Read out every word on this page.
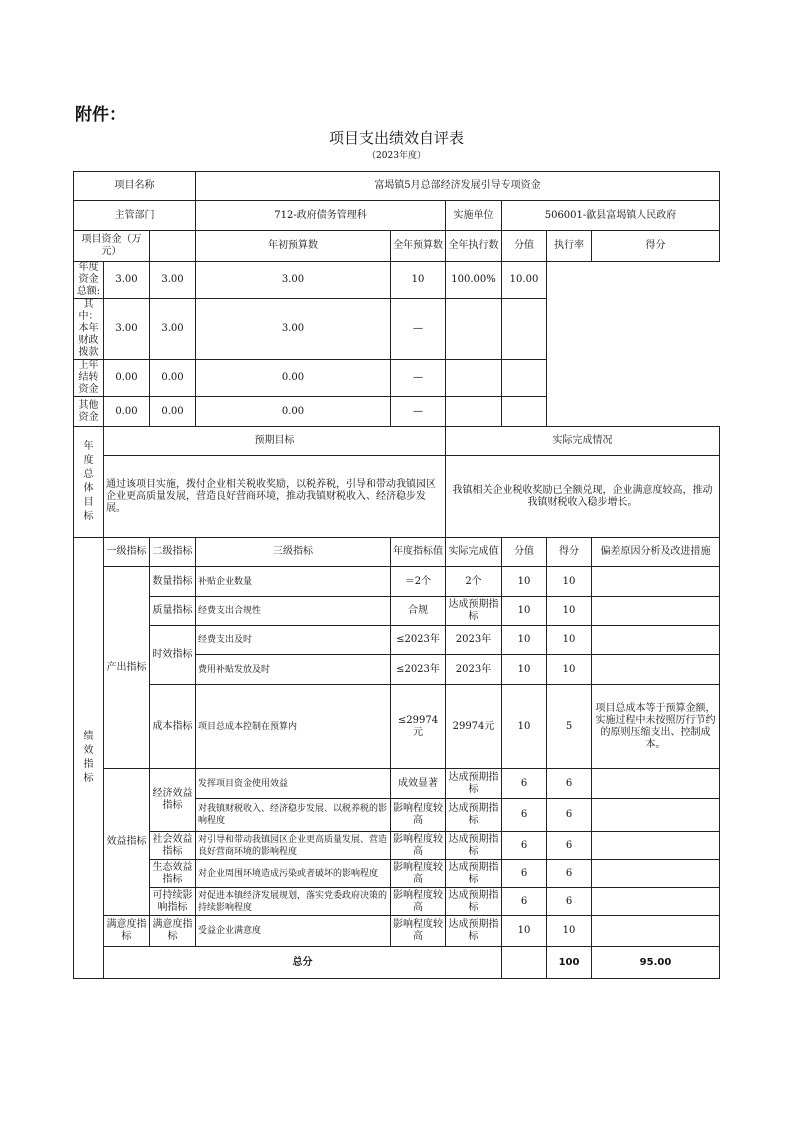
附件：
项目支出绩效自评表
（2023年度）
项目名称			富堨镇5月总部经济发展引导专项资金						
主管部门			712-政府债务管理科		实施单位	506001-歙县富堨镇人民政府			
项目资金（万元）			年初预算数	全年预算数	全年执行数	分值	执行率	得分	
年度资金总额:	3.00	3.00	3.00	10	100.00%	10.00			
其中：本年财政拨款	3.00	3.00	3.00	—					
上年结转资金	0.00	0.00	0.00	—					
其他资金	0.00	0.00	0.00	—					
年度总体目标	预期目标				实际完成情况				
	通过该项目实施，拨付企业相关税收奖励，以税养税，引导和带动我镇园区企业更高质量发展，营造良好营商环境，推动我镇财税收入、经济稳步发展。				我镇相关企业税收奖励已全额兑现，企业满意度较高，推动我镇财税收入稳步增长。				
绩效指标	一级指标	二级指标	三级指标	年度指标值	实际完成值	分值	得分	偏差原因分析及改进措施	
	产出指标	数量指标	补贴企业数量	＝2个	2个	10	10		
		质量指标	经费支出合规性	合规	达成预期指标	10	10		
		时效指标	经费支出及时	≤2023年	2023年	10	10		
			费用补贴发放及时	≤2023年	2023年	10	10		
		成本指标	项目总成本控制在预算内	≤29974元	29974元	10	5	项目总成本等于预算金额，实施过程中未按照厉行节约的原则压缩支出、控制成本。	
	效益指标	经济效益指标	发挥项目资金使用效益	成效显著	达成预期指标	6	6		
			对我镇财税收入、经济稳步发展、以税养税的影响程度	影响程度较高	达成预期指标	6	6		
		社会效益指标	对引导和带动我镇园区企业更高质量发展、营造良好营商环境的影响程度	影响程度较高	达成预期指标	6	6		
		生态效益指标	对企业周围环境造成污染或者破坏的影响程度	影响程度较高	达成预期指标	6	6		
		可持续影响指标	对促进本镇经济发展规划，落实党委政府决策的持续影响程度	影响程度较高	达成预期指标	6	6		
	满意度指标	满意度指标	受益企业满意度	影响程度较高	达成预期指标	10	10		
	总分						100	95.00	
